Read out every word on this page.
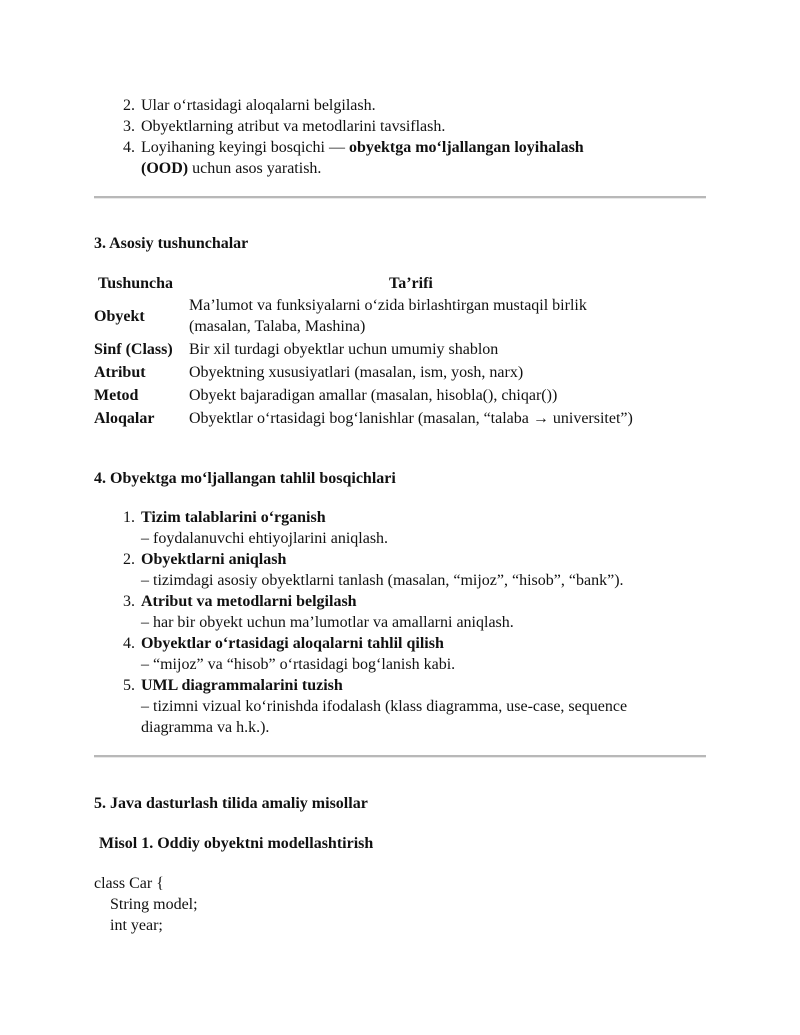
2. Ular o‘rtasidagi aloqalarni belgilash.
3. Obyektlarning atribut va metodlarini tavsiflash.
4. Loyihaning keyingi bosqichi — obyektga mo‘ljallangan loyihalash
(OOD) uchun asos yaratish.
3. Asosiy tushunchalar
Tushuncha	Ta’rifi
Obyekt	Ma’lumot va funksiyalarni o‘zida birlashtirgan mustaqil birlik
(masalan, Talaba, Mashina)

Sinf (Class)	Bir xil turdagi obyektlar uchun umumiy shablon
Atribut	Obyektning xususiyatlari (masalan, ism, yosh, narx)
Metod	Obyekt bajaradigan amallar (masalan, hisobla(), chiqar())
Aloqalar	Obyektlar o‘rtasidagi bog‘lanishlar (masalan, “talaba → universitet”)
4. Obyektga mo‘ljallangan tahlil bosqichlari
1. Tizim talablarini o‘rganish
– foydalanuvchi ehtiyojlarini aniqlash.
2. Obyektlarni aniqlash
– tizimdagi asosiy obyektlarni tanlash (masalan, “mijoz”, “hisob”, “bank”).
3. Atribut va metodlarni belgilash
– har bir obyekt uchun ma’lumotlar va amallarni aniqlash.
4. Obyektlar o‘rtasidagi aloqalarni tahlil qilish
– “mijoz” va “hisob” o‘rtasidagi bog‘lanish kabi.
5. UML diagrammalarini tuzish
– tizimni vizual ko‘rinishda ifodalash (klass diagramma, use-case, sequence
diagramma va h.k.).
5. Java dasturlash tilida amaliy misollar
Misol 1. Oddiy obyektni modellashtirish
class Car {
String model;
int year;
